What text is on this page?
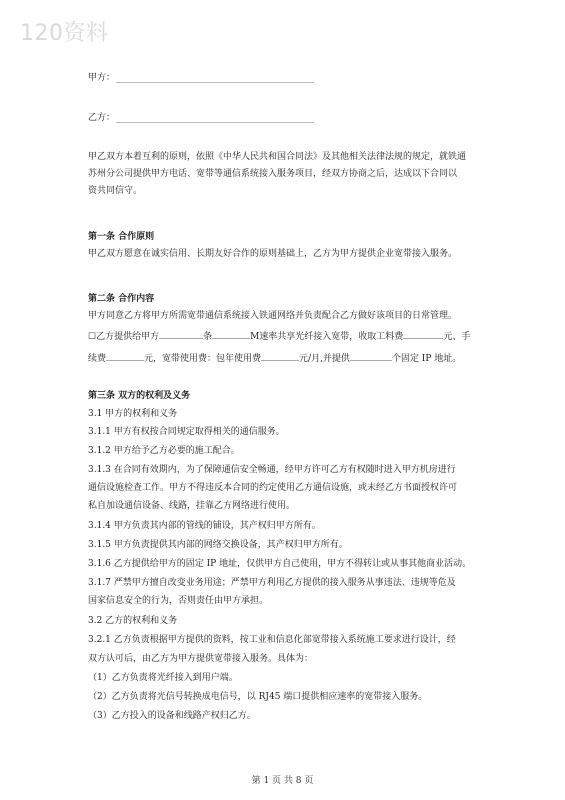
120资料
甲方：
乙方：
甲乙双方本着互利的原则，依照《中华人民共和国合同法》及其他相关法律法规的规定，就铁通
苏州分公司提供甲方电话、宽带等通信系统接入服务项目，经双方协商之后，达成以下合同以
资共同信守。
第一条 合作原则
甲乙双方愿意在诚实信用、长期友好合作的原则基础上，乙方为甲方提供企业宽带接入服务。
第二条 合作内容
甲方同意乙方将甲方所需宽带通信系统接入铁通网络并负责配合乙方做好该项目的日常管理。
☐乙方提供给甲方	条	M速率共享光纤接入宽带，收取工料费	元、手
续费	元，宽带使用费：包年使用费	元/月,并提供	个固定 IP 地址。
第三条 双方的权利及义务
3.1 甲方的权利和义务
3.1.1 甲方有权按合同规定取得相关的通信服务。
3.1.2 甲方给予乙方必要的施工配合。
3.1.3 在合同有效期内，为了保障通信安全畅通，经甲方许可乙方有权随时进入甲方机房进行
通信设施检查工作。甲方不得违反本合同的约定使用乙方通信设施，或未经乙方书面授权许可
私自加设通信设备、线路，挂靠乙方网络进行使用。
3.1.4 甲方负责其内部的管线的铺设，其产权归甲方所有。
3.1.5 甲方负责提供其内部的网络交换设备，其产权归甲方所有。
3.1.6 乙方提供给甲方的固定 IP 地址，仅供甲方自己使用，甲方不得转让或从事其他商业活动。
3.1.7 严禁甲方擅自改变业务用途；严禁甲方利用乙方提供的接入服务从事违法、违规等危及
国家信息安全的行为，否则责任由甲方承担。
3.2 乙方的权利和义务
3.2.1 乙方负责根据甲方提供的资料，按工业和信息化部宽带接入系统施工要求进行设计，经
双方认可后，由乙方为甲方提供宽带接入服务。具体为：
（1）乙方负责将光纤接入到用户端。
（2）乙方负责将光信号转换成电信号，以 RJ45 端口提供相应速率的宽带接入服务。
（3）乙方投入的设备和线路产权归乙方。
第 1 页 共 8 页
